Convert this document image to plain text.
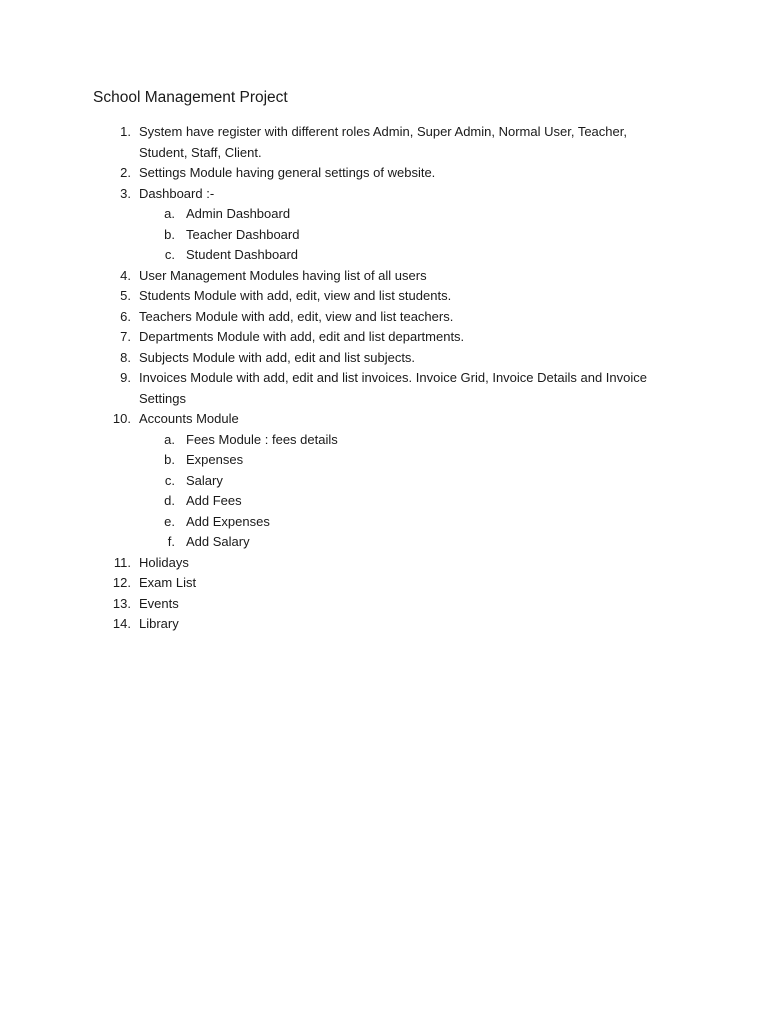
School Management Project
1. System have register with different roles Admin, Super Admin, Normal User, Teacher, Student, Staff, Client.
2. Settings Module having general settings of website.
3. Dashboard :-
a. Admin Dashboard
b. Teacher Dashboard
c. Student Dashboard
4. User Management Modules having list of all users
5. Students Module with add, edit, view and list students.
6. Teachers Module with add, edit, view and list teachers.
7. Departments Module with add, edit and list departments.
8. Subjects Module with add, edit and list subjects.
9. Invoices Module with add, edit and list invoices. Invoice Grid, Invoice Details and Invoice Settings
10. Accounts Module
a. Fees Module : fees details
b. Expenses
c. Salary
d. Add Fees
e. Add Expenses
f. Add Salary
11. Holidays
12. Exam List
13. Events
14. Library
